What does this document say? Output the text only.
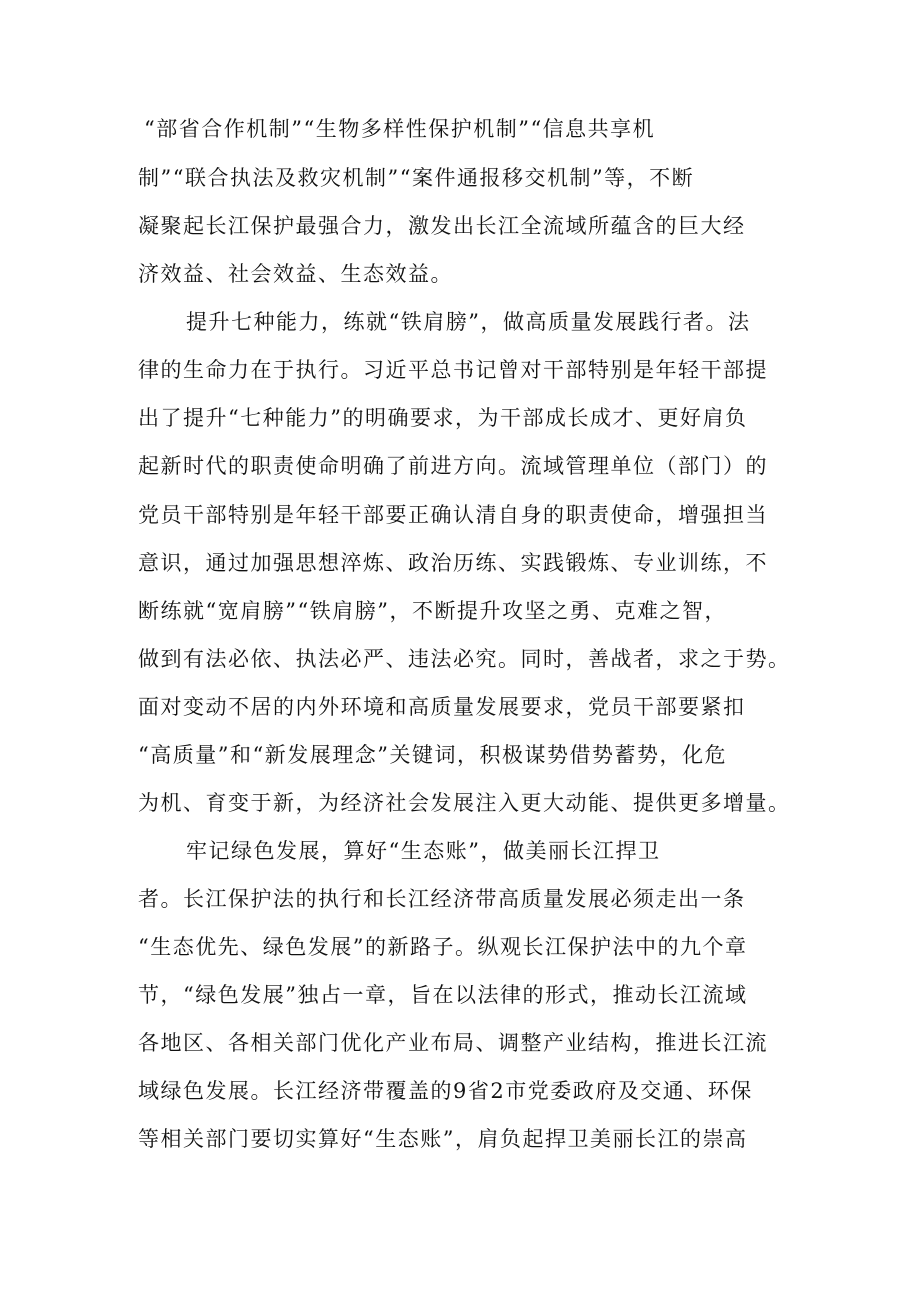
“部省合作机制”“生物多样性保护机制”“信息共享机
制”“联合执法及救灾机制”“案件通报移交机制”等，不断
凝聚起长江保护最强合力，激发出长江全流域所蕴含的巨大经
济效益、社会效益、生态效益。
提升七种能力，练就“铁肩膀”，做高质量发展践行者。法
律的生命力在于执行。习近平总书记曾对干部特别是年轻干部提
出了提升“七种能力”的明确要求，为干部成长成才、更好肩负
起新时代的职责使命明确了前进方向。流域管理单位（部门）的
党员干部特别是年轻干部要正确认清自身的职责使命，增强担当
意识，通过加强思想淬炼、政治历练、实践锻炼、专业训练，不
断练就“宽肩膀”“铁肩膀”，不断提升攻坚之勇、克难之智，
做到有法必依、执法必严、违法必究。同时，善战者，求之于势。
面对变动不居的内外环境和高质量发展要求，党员干部要紧扣
“高质量”和“新发展理念”关键词，积极谋势借势蓄势，化危
为机、育变于新，为经济社会发展注入更大动能、提供更多增量。
牢记绿色发展，算好“生态账”，做美丽长江捍卫
者。长江保护法的执行和长江经济带高质量发展必须走出一条
“生态优先、绿色发展”的新路子。纵观长江保护法中的九个章
节，“绿色发展”独占一章，旨在以法律的形式，推动长江流域
各地区、各相关部门优化产业布局、调整产业结构，推进长江流
域绿色发展。长江经济带覆盖的9省2市党委政府及交通、环保
等相关部门要切实算好“生态账”，肩负起捍卫美丽长江的崇高
